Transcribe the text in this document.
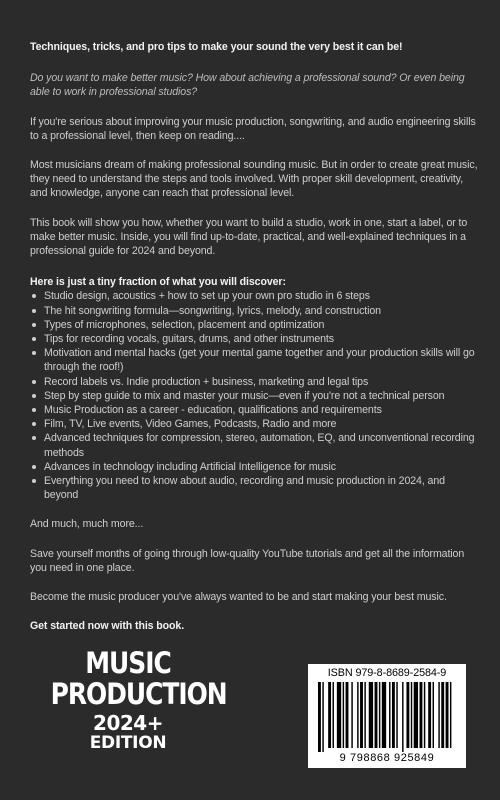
Techniques, tricks, and pro tips to make your sound the very best it can be!

Do you want to make better music? How about achieving a professional sound? Or even being able to work in professional studios?

If you're serious about improving your music production, songwriting, and audio engineering skills to a professional level, then keep on reading....

Most musicians dream of making professional sounding music. But in order to create great music, they need to understand the steps and tools involved. With proper skill development, creativity, and knowledge, anyone can reach that professional level.

This book will show you how, whether you want to build a studio, work in one, start a label, or to make better music. Inside, you will find up-to-date, practical, and well-explained techniques in a professional guide for 2024 and beyond.

Here is just a tiny fraction of what you will discover:

Studio design, acoustics + how to set up your own pro studio in 6 steps
The hit songwriting formula—songwriting, lyrics, melody, and construction
Types of microphones, selection, placement and optimization
Tips for recording vocals, guitars, drums, and other instruments
Motivation and mental hacks (get your mental game together and your production skills will go through the roof!)
Record labels vs. Indie production + business, marketing and legal tips
Step by step guide to mix and master your music—even if you're not a technical person
Music Production as a career - education, qualifications and requirements
Film, TV, Live events, Video Games, Podcasts, Radio and more
Advanced techniques for compression, stereo, automation, EQ, and unconventional recording methods
Advances in technology including Artificial Intelligence for music
Everything you need to know about audio, recording and music production in 2024, and beyond

And much, much more...

Save yourself months of going through low-quality YouTube tutorials and get all the information you need in one place.

Become the music producer you've always wanted to be and start making your best music.

Get started now with this book.

MUSIC
PRODUCTION
2024+
EDITION
ISBN 979-8-8689-2584-9
9 798868 925849
